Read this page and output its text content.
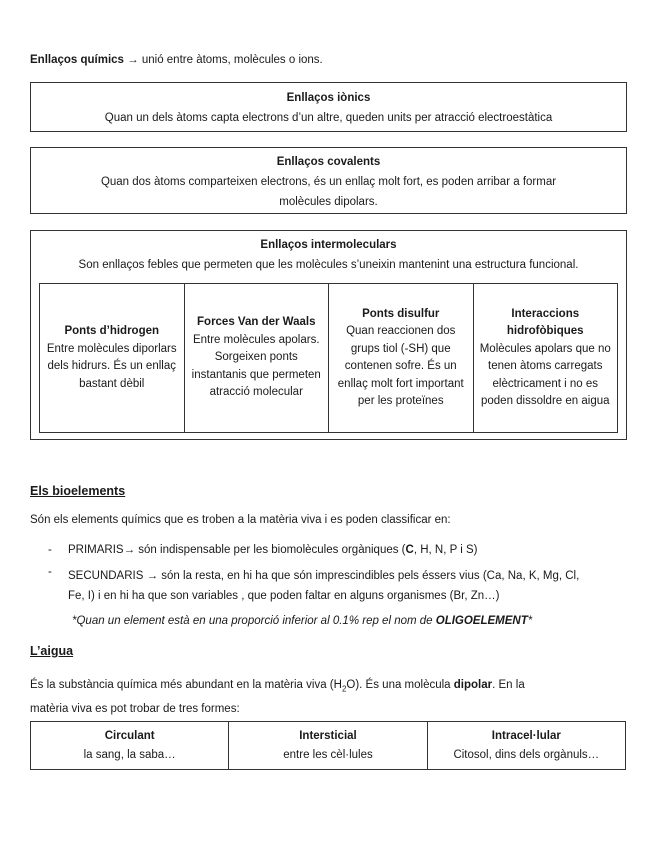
Enllaços químics → unió entre àtoms, molècules o ions.

Enllaços iònics
Quan un dels àtoms capta electrons d’un altre, queden units per atracció electroestàtica
Enllaços covalents
Quan dos àtoms comparteixen electrons, és un enllaç molt fort, es poden arribar a formar
molècules dipolars.
Enllaços intermoleculars
Son enllaços febles que permeten que les molècules s’uneixin mantenint una estructura funcional.
Ponts d’hidrogen
Entre molècules diporlars dels hidrurs. És un enllaç bastant dèbil
Forces Van der Waals
Entre molècules apolars. Sorgeixen ponts instantanis que permeten atracció molecular
Ponts disulfur
Quan reaccionen dos grups tiol (-SH) que contenen sofre. És un enllaç molt fort important per les proteïnes
Interaccions hidrofòbiques
Molècules apolars que no tenen àtoms carregats elèctricament i no es poden dissoldre en aigua

Els bioelements

Són els elements químics que es troben a la matèria viva i es poden classificar en:

- PRIMARIS→ són indispensable per les biomolècules orgàniques (C, H, N, P i S)

- SECUNDARIS → són la resta, en hi ha que són imprescindibles pels éssers vius (Ca, Na, K, Mg, Cl,
Fe, I) i en hi ha que son variables , que poden faltar en alguns organismes (Br, Zn…)

*Quan un element està en una proporció inferior al 0.1% rep el nom de OLIGOELEMENT*

L’aigua

És la substància química més abundant en la matèria viva $(H_2O)$. És una molècula dipolar. En la
matèria viva es pot trobar de tres formes:

Circulant
la sang, la saba…
Intersticial
entre les cèl·lules
Intracel·lular
Citosol, dins dels orgànuls…
